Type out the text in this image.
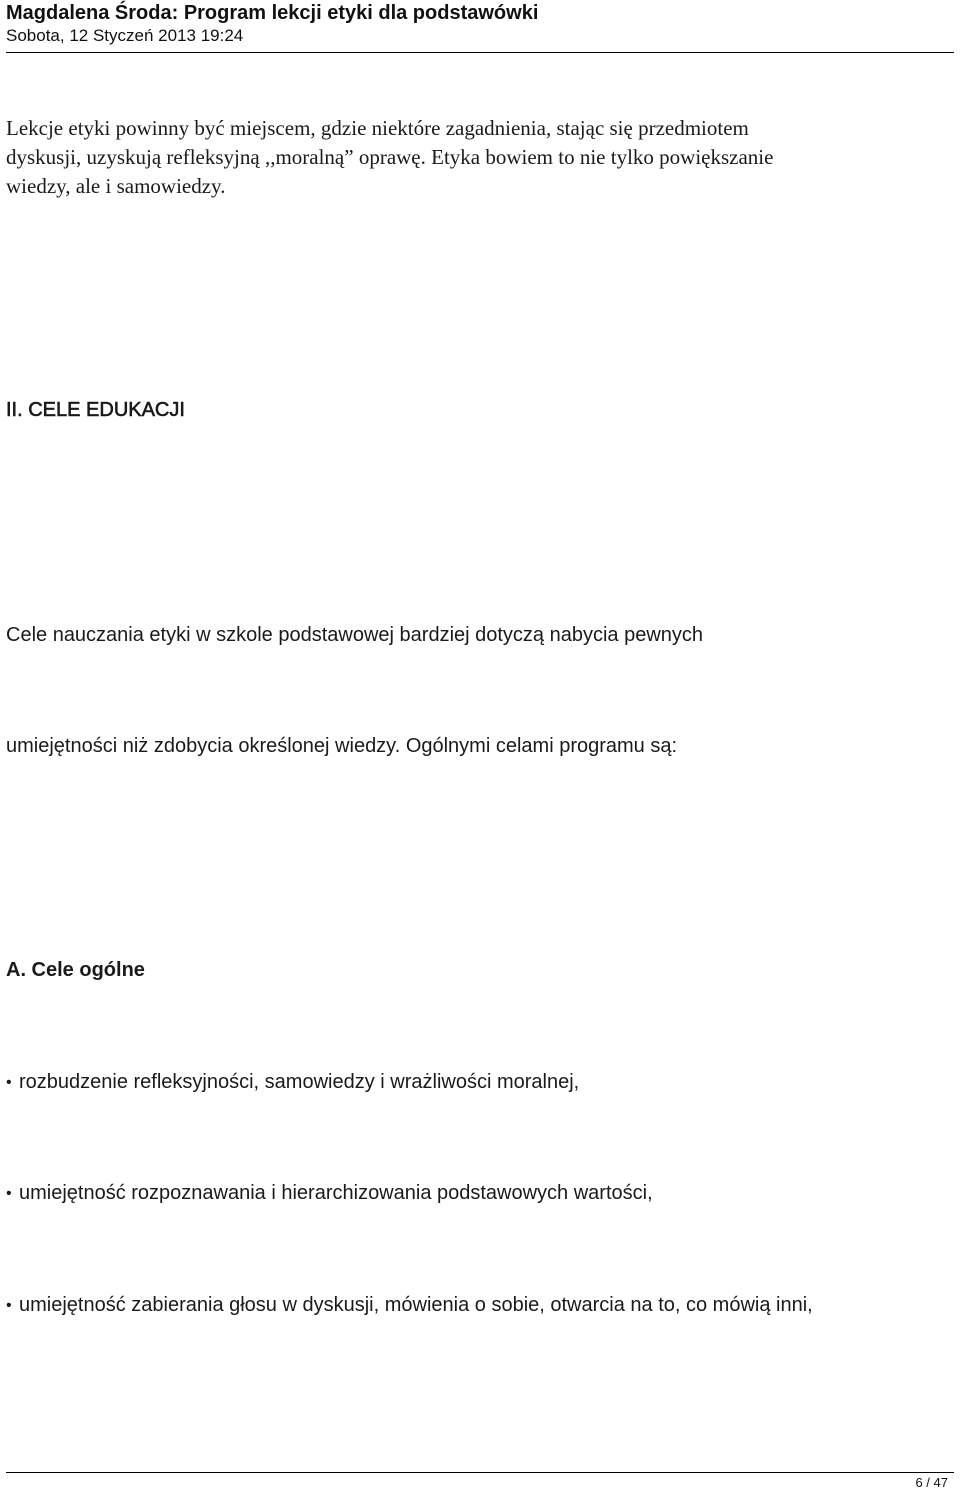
Magdalena Środa: Program lekcji etyki dla podstawówki
Sobota, 12 Styczeń 2013 19:24
Lekcje etyki powinny być miejscem, gdzie niektóre zagadnienia, stając się przedmiotem
dyskusji, uzyskują refleksyjną ,,moralną” oprawę. Etyka bowiem to nie tylko powiększanie
wiedzy, ale i samowiedzy.
II. CELE EDUKACJI
Cele nauczania etyki w szkole podstawowej bardziej dotyczą nabycia pewnych
umiejętności niż zdobycia określonej wiedzy. Ogólnymi celami programu są:
A. Cele ogólne
• rozbudzenie refleksyjności, samowiedzy i wrażliwości moralnej,
• umiejętność rozpoznawania i hierarchizowania podstawowych wartości,
• umiejętność zabierania głosu w dyskusji, mówienia o sobie, otwarcia na to, co mówią inni,
6 / 47
